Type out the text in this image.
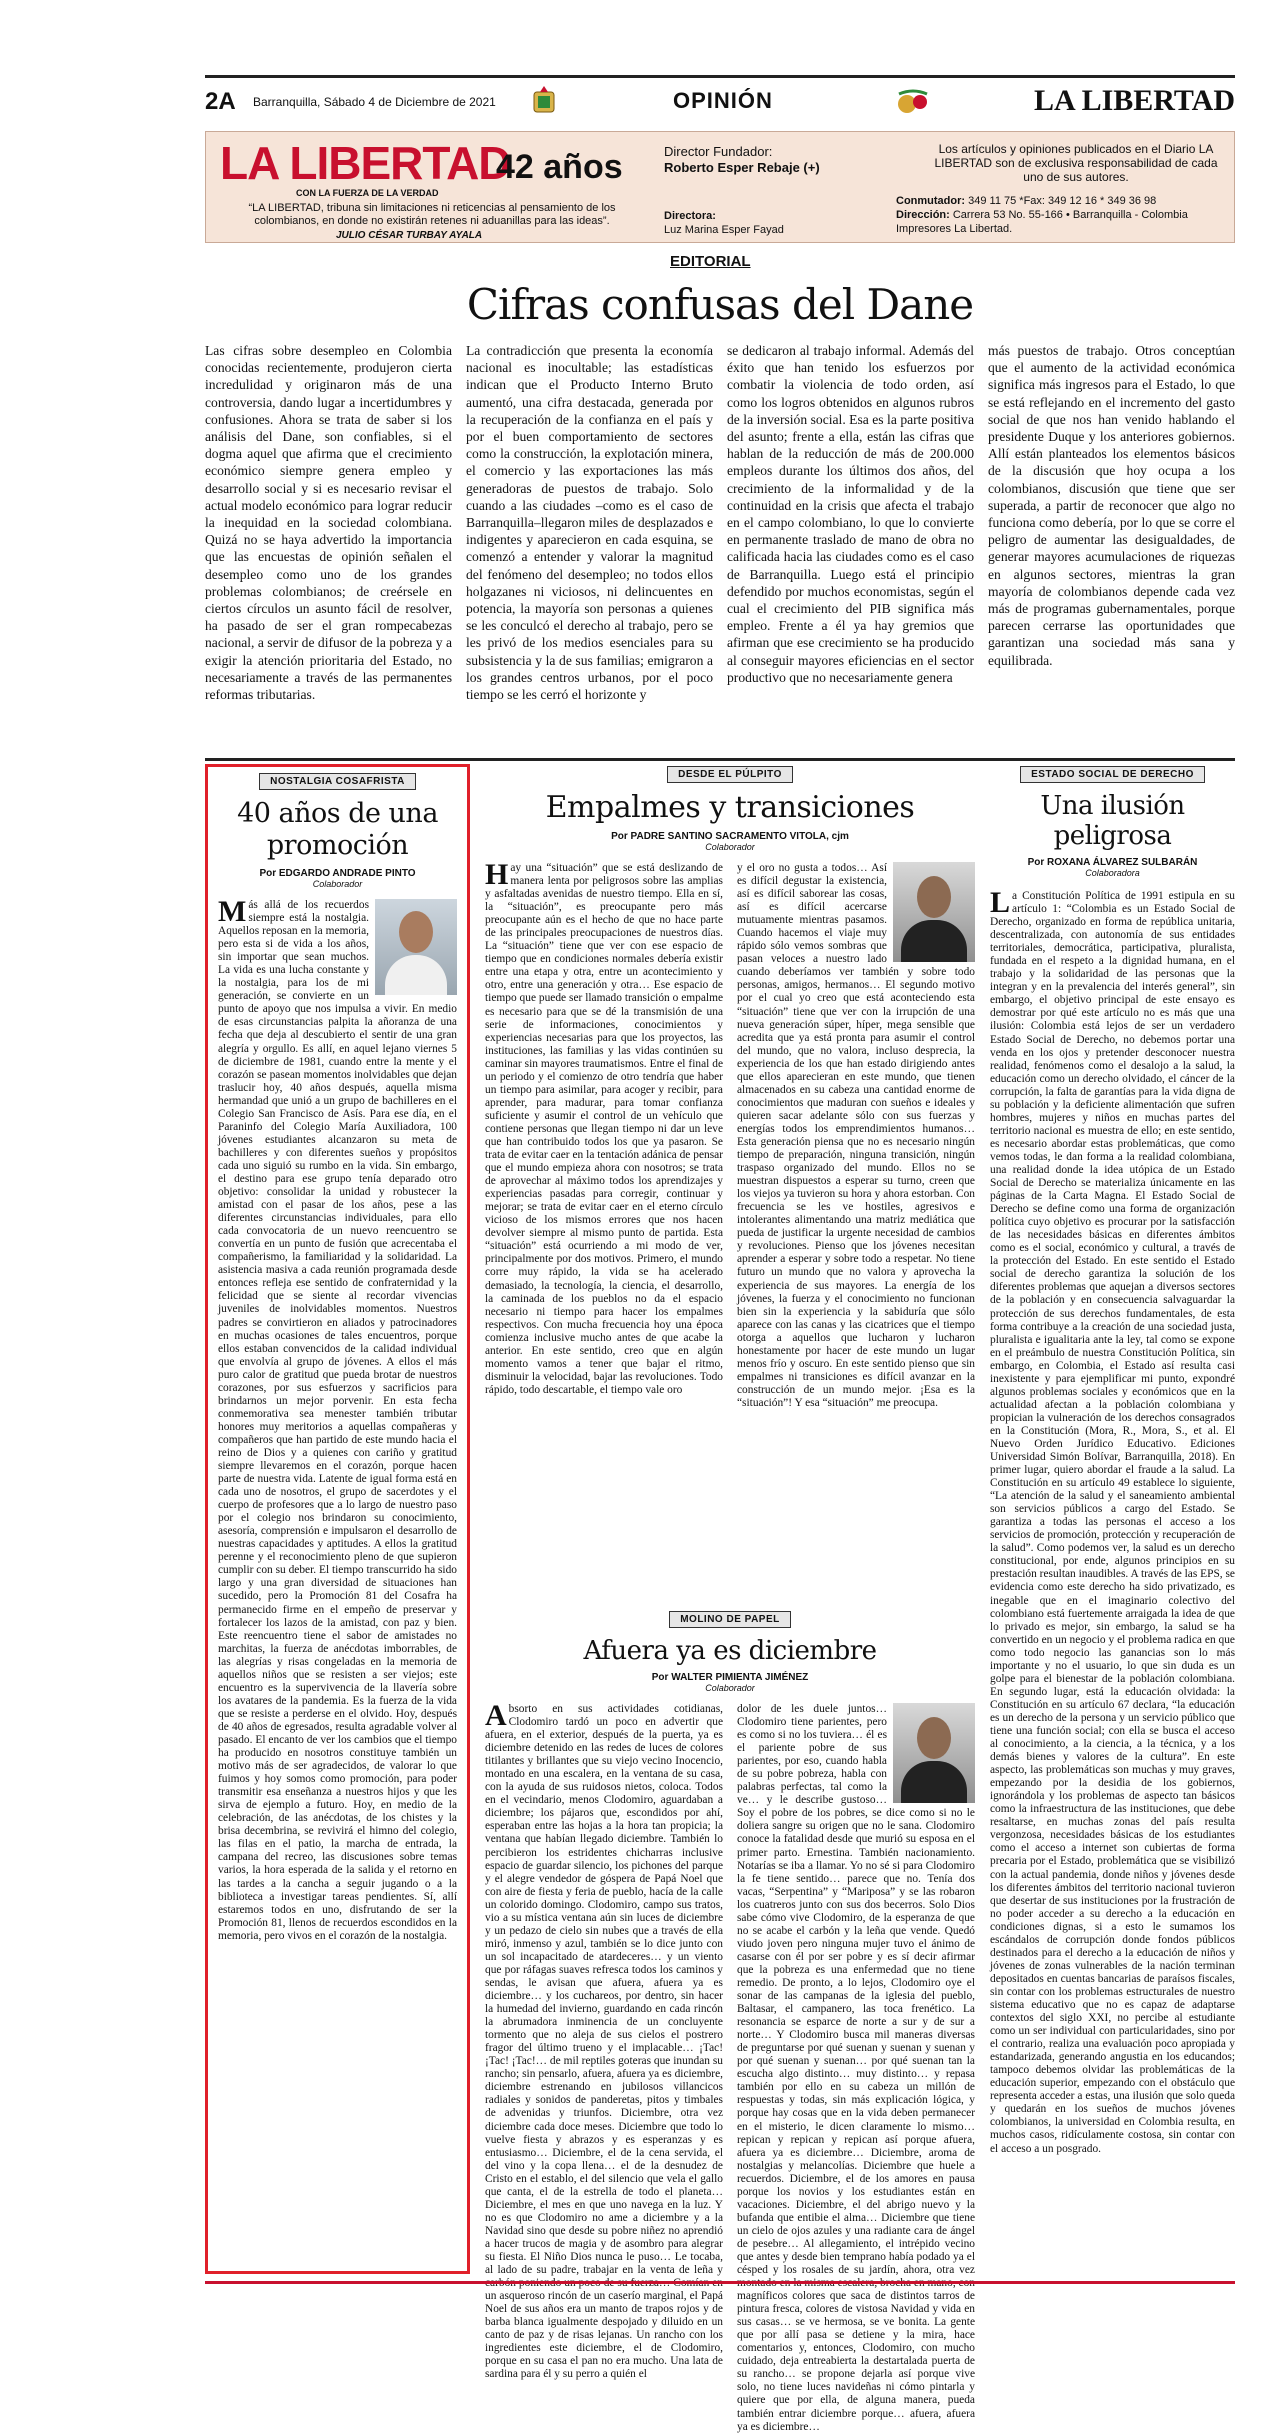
2A Barranquilla, Sábado 4 de Diciembre de 2021	OPINIÓN	LA LIBERTAD
LA LIBERTAD
42 años
CON LA FUERZA DE LA VERDAD
“LA LIBERTAD, tribuna sin limitaciones ni reticencias al pensamiento de los colombianos, en donde no existirán retenes ni aduanillas para las ideas”.
JULIO CÉSAR TURBAY AYALA
Director Fundador:
Roberto Esper Rebaje (+)
Directora:
Luz Marina Esper Fayad
Los artículos y opiniones publicados en el Diario LA LIBERTAD son de exclusiva responsabilidad de cada uno de sus autores.
Conmutador: 349 11 75 *Fax: 349 12 16 * 349 36 98
Dirección: Carrera 53 No. 55-166 • Barranquilla - Colombia
Impresores La Libertad.
EDITORIAL
Cifras confusas del Dane
Las cifras sobre desempleo en Colombia conocidas recientemente, produjeron cierta incredulidad y originaron más de una controversia, dando lugar a incertidumbres y confusiones. Ahora se trata de saber si los análisis del Dane, son confiables, si el dogma aquel que afirma que el crecimiento económico siempre genera empleo y desarrollo social y si es necesario revisar el actual modelo económico para lograr reducir la inequidad en la sociedad colombiana. Quizá no se haya advertido la importancia que las encuestas de opinión señalen el desempleo como uno de los grandes problemas colombianos; de creérsele en ciertos círculos un asunto fácil de resolver, ha pasado de ser el gran rompecabezas nacional, a servir de difusor de la pobreza y a exigir la atención prioritaria del Estado, no necesariamente a través de las permanentes reformas tributarias.
La contradicción que presenta la economía nacional es inocultable; las estadísticas indican que el Producto Interno Bruto aumentó, una cifra destacada, generada por la recuperación de la confianza en el país y por el buen comportamiento de sectores como la construcción, la explotación minera, el comercio y las exportaciones las más generadoras de puestos de trabajo. Solo cuando a las ciudades –como es el caso de Barranquilla–llegaron miles de desplazados e indigentes y aparecieron en cada esquina, se comenzó a entender y valorar la magnitud del fenómeno del desempleo; no todos ellos holgazanes ni viciosos, ni delincuentes en potencia, la mayoría son personas a quienes se les conculcó el derecho al trabajo, pero se les privó de los medios esenciales para su subsistencia y la de sus familias; emigraron a los grandes centros urbanos, por el poco tiempo se les cerró el horizonte y
se dedicaron al trabajo informal. Además del éxito que han tenido los esfuerzos por combatir la violencia de todo orden, así como los logros obtenidos en algunos rubros de la inversión social. Esa es la parte positiva del asunto; frente a ella, están las cifras que hablan de la reducción de más de 200.000 empleos durante los últimos dos años, del crecimiento de la informalidad y de la continuidad en la crisis que afecta el trabajo en el campo colombiano, lo que lo convierte en permanente traslado de mano de obra no calificada hacia las ciudades como es el caso de Barranquilla. Luego está el principio defendido por muchos economistas, según el cual el crecimiento del PIB significa más empleo. Frente a él ya hay gremios que afirman que ese crecimiento se ha producido al conseguir mayores eficiencias en el sector productivo que no necesariamente genera
más puestos de trabajo. Otros conceptúan que el aumento de la actividad económica significa más ingresos para el Estado, lo que se está reflejando en el incremento del gasto social de que nos han venido hablando el presidente Duque y los anteriores gobiernos. Allí están planteados los elementos básicos de la discusión que hoy ocupa a los colombianos, discusión que tiene que ser superada, a partir de reconocer que algo no funciona como debería, por lo que se corre el peligro de aumentar las desigualdades, de generar mayores acumulaciones de riquezas en algunos sectores, mientras la gran mayoría de colombianos depende cada vez más de programas gubernamentales, porque parecen cerrarse las oportunidades que garantizan una sociedad más sana y equilibrada.
NOSTALGIA COSAFRISTA
40 años de una promoción
Por EDGARDO ANDRADE PINTO
Colaborador

Más allá de los recuerdos siempre está la nostalgia. Aquellos reposan en la memoria, pero esta si de vida a los años, sin importar que sean muchos. La vida es una lucha constante y la nostalgia, para los de mi generación, se convierte en un punto de apoyo que nos impulsa a vivir. En medio de esas circunstancias palpita la añoranza de una fecha que deja al descubierto el sentir de una gran alegría y orgullo. Es allí, en aquel lejano viernes 5 de diciembre de 1981, cuando entre la mente y el corazón se pasean momentos inolvidables que dejan traslucir hoy, 40 años después, aquella misma hermandad que unió a un grupo de bachilleres en el Colegio San Francisco de Asís. Para ese día, en el Paraninfo del Colegio María Auxiliadora, 100 jóvenes estudiantes alcanzaron su meta de bachilleres y con diferentes sueños y propósitos cada uno siguió su rumbo en la vida. Sin embargo, el destino para ese grupo tenía deparado otro objetivo: consolidar la unidad y robustecer la amistad con el pasar de los años, pese a las diferentes circunstancias individuales, para ello cada convocatoria de un nuevo reencuentro se convertía en un punto de fusión que acrecentaba el compañerismo, la familiaridad y la solidaridad. La asistencia masiva a cada reunión programada desde entonces refleja ese sentido de confraternidad y la felicidad que se siente al recordar vivencias juveniles de inolvidables momentos. Nuestros padres se convirtieron en aliados y patrocinadores en muchas ocasiones de tales encuentros, porque ellos estaban convencidos de la calidad individual que envolvía al grupo de jóvenes. A ellos el más puro calor de gratitud que pueda brotar de nuestros corazones, por sus esfuerzos y sacrificios para brindarnos un mejor porvenir. En esta fecha conmemorativa sea menester también tributar honores muy meritorios a aquellas compañeras y compañeros que han partido de este mundo hacia el reino de Dios y a quienes con cariño y gratitud siempre llevaremos en el corazón, porque hacen parte de nuestra vida. Latente de igual forma está en cada uno de nosotros, el grupo de sacerdotes y el cuerpo de profesores que a lo largo de nuestro paso por el colegio nos brindaron su conocimiento, asesoría, comprensión e impulsaron el desarrollo de nuestras capacidades y aptitudes. A ellos la gratitud perenne y el reconocimiento pleno de que supieron cumplir con su deber. El tiempo transcurrido ha sido largo y una gran diversidad de situaciones han sucedido, pero la Promoción 81 del Cosafra ha permanecido firme en el empeño de preservar y fortalecer los lazos de la amistad, con paz y bien. Este reencuentro tiene el sabor de amistades no marchitas, la fuerza de anécdotas imborrables, de las alegrías y risas congeladas en la memoria de aquellos niños que se resisten a ser viejos; este encuentro es la supervivencia de la llavería sobre los avatares de la pandemia. Es la fuerza de la vida que se resiste a perderse en el olvido. Hoy, después de 40 años de egresados, resulta agradable volver al pasado. El encanto de ver los cambios que el tiempo ha producido en nosotros constituye también un motivo más de ser agradecidos, de valorar lo que fuimos y hoy somos como promoción, para poder transmitir esa enseñanza a nuestros hijos y que les sirva de ejemplo a futuro. Hoy, en medio de la celebración, de las anécdotas, de los chistes y la brisa decembrina, se revivirá el himno del colegio, las filas en el patio, la marcha de entrada, la campana del recreo, las discusiones sobre temas varios, la hora esperada de la salida y el retorno en las tardes a la cancha a seguir jugando o a la biblioteca a investigar tareas pendientes. Sí, allí estaremos todos en uno, disfrutando de ser la Promoción 81, llenos de recuerdos escondidos en la memoria, pero vivos en el corazón de la nostalgia.

DESDE EL PÚLPITO
Empalmes y transiciones
Por PADRE SANTINO SACRAMENTO VITOLA, cjm
Colaborador

Hay una “situación” que se está deslizando de manera lenta por peligrosos sobre las amplias y asfaltadas avenidas de nuestro tiempo. Ella en sí, la “situación”, es preocupante pero más preocupante aún es el hecho de que no hace parte de las principales preocupaciones de nuestros días. La “situación” tiene que ver con ese espacio de tiempo que en condiciones normales debería existir entre una etapa y otra, entre un acontecimiento y otro, entre una generación y otra… Ese espacio de tiempo que puede ser llamado transición o empalme es necesario para que se dé la transmisión de una serie de informaciones, conocimientos y experiencias necesarias para que los proyectos, las instituciones, las familias y las vidas continúen su caminar sin mayores traumatismos. Entre el final de un periodo y el comienzo de otro tendría que haber un tiempo para asimilar, para acoger y recibir, para aprender, para madurar, para tomar confianza suficiente y asumir el control de un vehículo que contiene personas que llegan tiempo ni dar un leve que han contribuido todos los que ya pasaron. Se trata de evitar caer en la tentación adánica de pensar que el mundo empieza ahora con nosotros; se trata de aprovechar al máximo todos los aprendizajes y experiencias pasadas para corregir, continuar y mejorar; se trata de evitar caer en el eterno círculo vicioso de los mismos errores que nos hacen devolver siempre al mismo punto de partida. Esta “situación” está ocurriendo a mi modo de ver, principalmente por dos motivos. Primero, el mundo corre muy rápido, la vida se ha acelerado demasiado, la tecnología, la ciencia, el desarrollo, la caminada de los pueblos no da el espacio necesario ni tiempo para hacer los empalmes respectivos. Con mucha frecuencia hoy una época comienza inclusive mucho antes de que acabe la anterior. En este sentido, creo que en algún momento vamos a tener que bajar el ritmo, disminuir la velocidad, bajar las revoluciones. Todo rápido, todo descartable, el tiempo vale oro

y el oro no gusta a todos… Así es difícil degustar la existencia, así es difícil saborear las cosas, así es difícil acercarse mutuamente mientras pasamos. Cuando hacemos el viaje muy rápido sólo vemos sombras que pasan veloces a nuestro lado cuando deberíamos ver también y sobre todo personas, amigos, hermanos… El segundo motivo por el cual yo creo que está aconteciendo esta “situación” tiene que ver con la irrupción de una nueva generación súper, híper, mega sensible que acredita que ya está pronta para asumir el control del mundo, que no valora, incluso desprecia, la experiencia de los que han estado dirigiendo antes que ellos aparecieran en este mundo, que tienen almacenados en su cabeza una cantidad enorme de conocimientos que maduran con sueños e ideales y quieren sacar adelante sólo con sus fuerzas y energías todos los emprendimientos humanos… Esta generación piensa que no es necesario ningún tiempo de preparación, ninguna transición, ningún traspaso organizado del mundo. Ellos no se muestran dispuestos a esperar su turno, creen que los viejos ya tuvieron su hora y ahora estorban. Con frecuencia se les ve hostiles, agresivos e intolerantes alimentando una matriz mediática que pueda de justificar la urgente necesidad de cambios y revoluciones. Pienso que los jóvenes necesitan aprender a esperar y sobre todo a respetar. No tiene futuro un mundo que no valora y aprovecha la experiencia de sus mayores. La energía de los jóvenes, la fuerza y el conocimiento no funcionan bien sin la experiencia y la sabiduría que sólo aparece con las canas y las cicatrices que el tiempo otorga a aquellos que lucharon y lucharon honestamente por hacer de este mundo un lugar menos frío y oscuro. En este sentido pienso que sin empalmes ni transiciones es difícil avanzar en la construcción de un mundo mejor. ¡Esa es la “situación”! Y esa “situación” me preocupa.

MOLINO DE PAPEL
Afuera ya es diciembre
Por WALTER PIMIENTA JIMÉNEZ
Colaborador

Absorto en sus actividades cotidianas, Clodomiro tardó un poco en advertir que afuera, en el exterior, después de la puerta, ya es diciembre detenido en las redes de luces de colores titilantes y brillantes que su viejo vecino Inocencio, montado en una escalera, en la ventana de su casa, con la ayuda de sus ruidosos nietos, coloca. Todos en el vecindario, menos Clodomiro, aguardaban a diciembre; los pájaros que, escondidos por ahí, esperaban entre las hojas a la hora tan propicia; la ventana que habían llegado diciembre. También lo percibieron los estridentes chicharras inclusive espacio de guardar silencio, los pichones del parque y el alegre vendedor de góspera de Papá Noel que con aire de fiesta y feria de pueblo, hacía de la calle un colorido domingo. Clodomiro, campo sus tratos, vio a su mística ventana aún sin luces de diciembre y un pedazo de cielo sin nubes que a través de ella miró, inmenso y azul, también se lo dice junto con un sol incapacitado de atardeceres… y un viento que por ráfagas suaves refresca todos los caminos y sendas, le avisan que afuera, afuera ya es diciembre… y los cuchareos, por dentro, sin hacer la humedad del invierno, guardando en cada rincón la abrumadora inminencia de un concluyente tormento que no aleja de sus cielos el postrero fragor del último trueno y el implacable… ¡Tac! ¡Tac! ¡Tac!… de mil reptiles goteras que inundan su rancho; sin pensarlo, afuera, afuera ya es diciembre, diciembre estrenando en jubilosos villancicos radiales y sonidos de panderetas, pitos y timbales de advenidas y triunfos. Diciembre, otra vez diciembre cada doce meses. Diciembre que todo lo vuelve fiesta y abrazos y es esperanzas y es entusiasmo… Diciembre, el de la cena servida, el del vino y la copa llena… el de la desnudez de Cristo en el establo, el del silencio que vela el gallo que canta, el de la estrella de todo el planeta… Diciembre, el mes en que uno navega en la luz. Y no es que Clodomiro no ame a diciembre y a la Navidad sino que desde su pobre niñez no aprendió a hacer trucos de magia y de asombro para alegrar su fiesta. El Niño Dios nunca le puso… Le tocaba, al lado de su padre, trabajar en la venta de leña y un asqueroso rincón de un caserío marginal, el Papá Noel de sus años era un manto de trapos rojos y de barba blanca igualmente despojado y diluido en un canto de paz y de risas lejanas. Un rancho con los ingredientes este diciembre, el de Clodomiro, porque en su casa el pan no era mucho. Una lata de sardina para él y su perro a quién el

dolor de les duele juntos… Clodomiro tiene parientes, pero es como si no los tuviera… él es el pariente pobre de sus parientes, por eso, cuando habla de su pobre pobreza, habla con palabras perfectas, tal como la ve… y le describe gustoso… Soy el pobre de los pobres, se dice como si no le doliera sangre su origen que no le sana. Clodomiro conoce la fatalidad desde que murió su esposa en el primer parto. Ernestina. También nacionamiento. Notarías se iba a llamar. Yo no sé si para Clodomiro la fe tiene sentido… parece que no. Tenía dos vacas, “Serpentina” y “Mariposa” y se las robaron los cuatreros junto con sus dos becerros. Solo Dios sabe cómo vive Clodomiro, de la esperanza de que no se acabe el carbón y la leña que vende. Quedó viudo joven pero ninguna mujer tuvo el ánimo de casarse con él por ser pobre y es sí decir afirmar que la pobreza es una enfermedad que no tiene remedio. De pronto, a lo lejos, Clodomiro oye el sonar de las campanas de la iglesia del pueblo, Baltasar, el campanero, las toca frenético. La resonancia se esparce de norte a sur y de sur a norte… Y Clodomiro busca mil maneras diversas de preguntarse por qué suenan y suenan y suenan y por qué suenan y suenan… por qué suenan tan la escucha algo distinto… muy distinto… y repasa también por ello en su cabeza un millón de respuestas y todas, sin más explicación lógica, y porque hay cosas que en la vida deben permanecer en el misterio, le dicen claramente lo mismo… repican y repican y repican así porque afuera, afuera ya es diciembre… Diciembre, aroma de nostalgias y melancolías. Diciembre que huele a recuerdos. Diciembre, el de los amores en pausa porque los novios y los estudiantes están en vacaciones. Diciembre, el del abrigo nuevo y la bufanda que entibie el alma… Diciembre que tiene un cielo de ojos azules y una radiante cara de ángel de pesebre… Al allegamiento, el intrépido vecino que antes y desde bien temprano había podado ya el césped y los rosales de su jardín, ahora, otra vez magníficos colores que saca de distintos tarros de pintura fresca, colores de vistosa Navidad y vida en sus casas… se ve hermosa, se ve bonita. La gente que por allí pasa se detiene y la mira, hace comentarios y, entonces, Clodomiro, con mucho cuidado, deja entreabierta la destartalada puerta de su rancho… se propone dejarla así porque vive solo, no tiene luces navideñas ni cómo pintarla y quiere que por ella, de alguna manera, pueda también entrar diciembre porque… afuera, afuera ya es diciembre…

ESTADO SOCIAL DE DERECHO
Una ilusión peligrosa
Por ROXANA ÁLVAREZ SULBARÁN
Colaboradora

La Constitución Política de 1991 estipula en su artículo 1: “Colombia es un Estado Social de Derecho, organizado en forma de república unitaria, descentralizada, con autonomía de sus entidades territoriales, democrática, participativa, pluralista, fundada en el respeto a la dignidad humana, en el trabajo y la solidaridad de las personas que la integran y en la prevalencia del interés general”, sin embargo, el objetivo principal de este ensayo es demostrar por qué este artículo no es más que una ilusión: Colombia está lejos de ser un verdadero Estado Social de Derecho, no debemos portar una venda en los ojos y pretender desconocer nuestra realidad, fenómenos como el desalojo a la salud, la educación como un derecho olvidado, el cáncer de la corrupción, la falta de garantías para la vida digna de su población y la deficiente alimentación que sufren hombres, mujeres y niños en muchas partes del territorio nacional es muestra de ello; en este sentido, es necesario abordar estas problemáticas, que como vemos todas, le dan forma a la realidad colombiana, una realidad donde la idea utópica de un Estado Social de Derecho se materializa únicamente en las páginas de la Carta Magna. El Estado Social de Derecho se define como una forma de organización política cuyo objetivo es procurar por la satisfacción de las necesidades básicas en diferentes ámbitos como es el social, económico y cultural, a través de la protección del Estado. En este sentido el Estado social de derecho garantiza la solución de los diferentes problemas que aquejan a diversos sectores de la población y en consecuencia salvaguardar la protección de sus derechos fundamentales, de esta forma contribuye a la creación de una sociedad justa, pluralista e igualitaria ante la ley, tal como se expone en el preámbulo de nuestra Constitución Política, sin embargo, en Colombia, el Estado así resulta casi inexistente y para ejemplificar mi punto, expondré algunos problemas sociales y económicos que en la actualidad afectan a la población colombiana y propician la vulneración de los derechos consagrados en la Constitución (Mora, R., Mora, S., et al. El Nuevo Orden Jurídico Educativo. Ediciones Universidad Simón Bolívar, Barranquilla, 2018). En primer lugar, quiero abordar el fraude a la salud. La Constitución en su artículo 49 establece lo siguiente, “La atención de la salud y el saneamiento ambiental son servicios públicos a cargo del Estado. Se garantiza a todas las personas el acceso a los servicios de promoción, protección y recuperación de la salud”. Como podemos ver, la salud es un derecho constitucional, por ende, algunos principios en su prestación resultan inaudibles. A través de las EPS, se evidencia como este derecho ha sido privatizado, es inegable que en el imaginario colectivo del colombiano está fuertemente arraigada la idea de que lo privado es mejor, sin embargo, la salud se ha convertido en un negocio y el problema radica en que como todo negocio las ganancias son lo más importante y no el usuario, lo que sin duda es un golpe para el bienestar de la población colombiana. En segundo lugar, está la educación olvidada: la Constitución en su artículo 67 declara, “la educación es un derecho de la persona y un servicio público que tiene una función social; con ella se busca el acceso al conocimiento, a la ciencia, a la técnica, y a los demás bienes y valores de la cultura”. En este aspecto, las problemáticas son muchas y muy graves, empezando por la desidia de los gobiernos, ignorándola y los problemas de aspecto tan básicos como la infraestructura de las instituciones, que debe resaltarse, en muchas zonas del país resulta vergonzosa, necesidades básicas de los estudiantes como el acceso a internet son cubiertas de forma precaria por el Estado, problemática que se visibilizó con la actual pandemia, donde niños y jóvenes desde los diferentes ámbitos del territorio nacional tuvieron que desertar de sus instituciones por la frustración de no poder acceder a su derecho a la educación en condiciones dignas, si a esto le sumamos los escándalos de corrupción donde fondos públicos destinados para el derecho a la educación de niños y jóvenes de zonas vulnerables de la nación terminan depositados en cuentas bancarias de paraísos fiscales, sin contar con los problemas estructurales de nuestro sistema educativo que no es capaz de adaptarse contextos del siglo XXI, no percibe al estudiante como un ser individual con particularidades, sino por el contrario, realiza una evaluación poco apropiada y estandarizada, generando angustia en los educandos; tampoco debemos olvidar las problemáticas de la educación superior, empezando con el obstáculo que representa acceder a estas, una ilusión que solo queda y quedarán en los sueños de muchos jóvenes colombianos, la universidad en Colombia resulta, en muchos casos, ridículamente costosa, sin contar con el acceso a un posgrado.
